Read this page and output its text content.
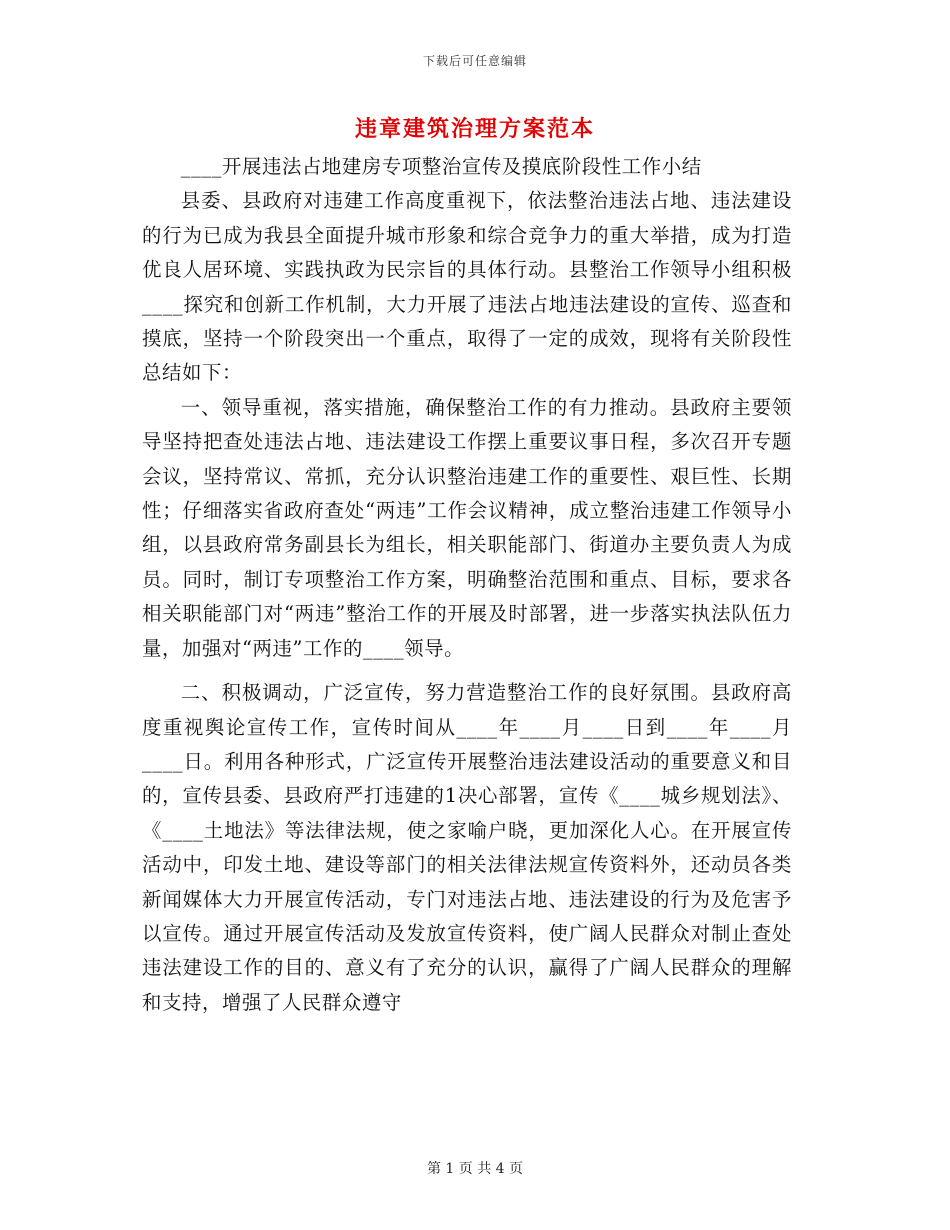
下载后可任意编辑
违章建筑治理方案范本

____开展违法占地建房专项整治宣传及摸底阶段性工作小结

县委、县政府对违建工作高度重视下，依法整治违法占地、违法建设的行为已成为我县全面提升城市形象和综合竞争力的重大举措，成为打造优良人居环境、实践执政为民宗旨的具体行动。县整治工作领导小组积极____探究和创新工作机制，大力开展了违法占地违法建设的宣传、巡查和摸底，坚持一个阶段突出一个重点，取得了一定的成效，现将有关阶段性总结如下：

一、领导重视，落实措施，确保整治工作的有力推动。县政府主要领导坚持把查处违法占地、违法建设工作摆上重要议事日程，多次召开专题会议，坚持常议、常抓，充分认识整治违建工作的重要性、艰巨性、长期性；仔细落实省政府查处“两违”工作会议精神，成立整治违建工作领导小组，以县政府常务副县长为组长，相关职能部门、街道办主要负责人为成员。同时，制订专项整治工作方案，明确整治范围和重点、目标，要求各相关职能部门对“两违”整治工作的开展及时部署，进一步落实执法队伍力量，加强对“两违”工作的____领导。

二、积极调动，广泛宣传，努力营造整治工作的良好氛围。县政府高度重视舆论宣传工作，宣传时间从____年____月____日到____年____月____日。利用各种形式，广泛宣传开展整治违法建设活动的重要意义和目的，宣传县委、县政府严打违建的1决心部署，宣传《____城乡规划法》、《____土地法》等法律法规，使之家喻户晓，更加深化人心。在开展宣传活动中，印发土地、建设等部门的相关法律法规宣传资料外，还动员各类新闻媒体大力开展宣传活动，专门对违法占地、违法建设的行为及危害予以宣传。通过开展宣传活动及发放宣传资料，使广阔人民群众对制止查处违法建设工作的目的、意义有了充分的认识，赢得了广阔人民群众的理解和支持，增强了人民群众遵守

第 1 页 共 4 页
